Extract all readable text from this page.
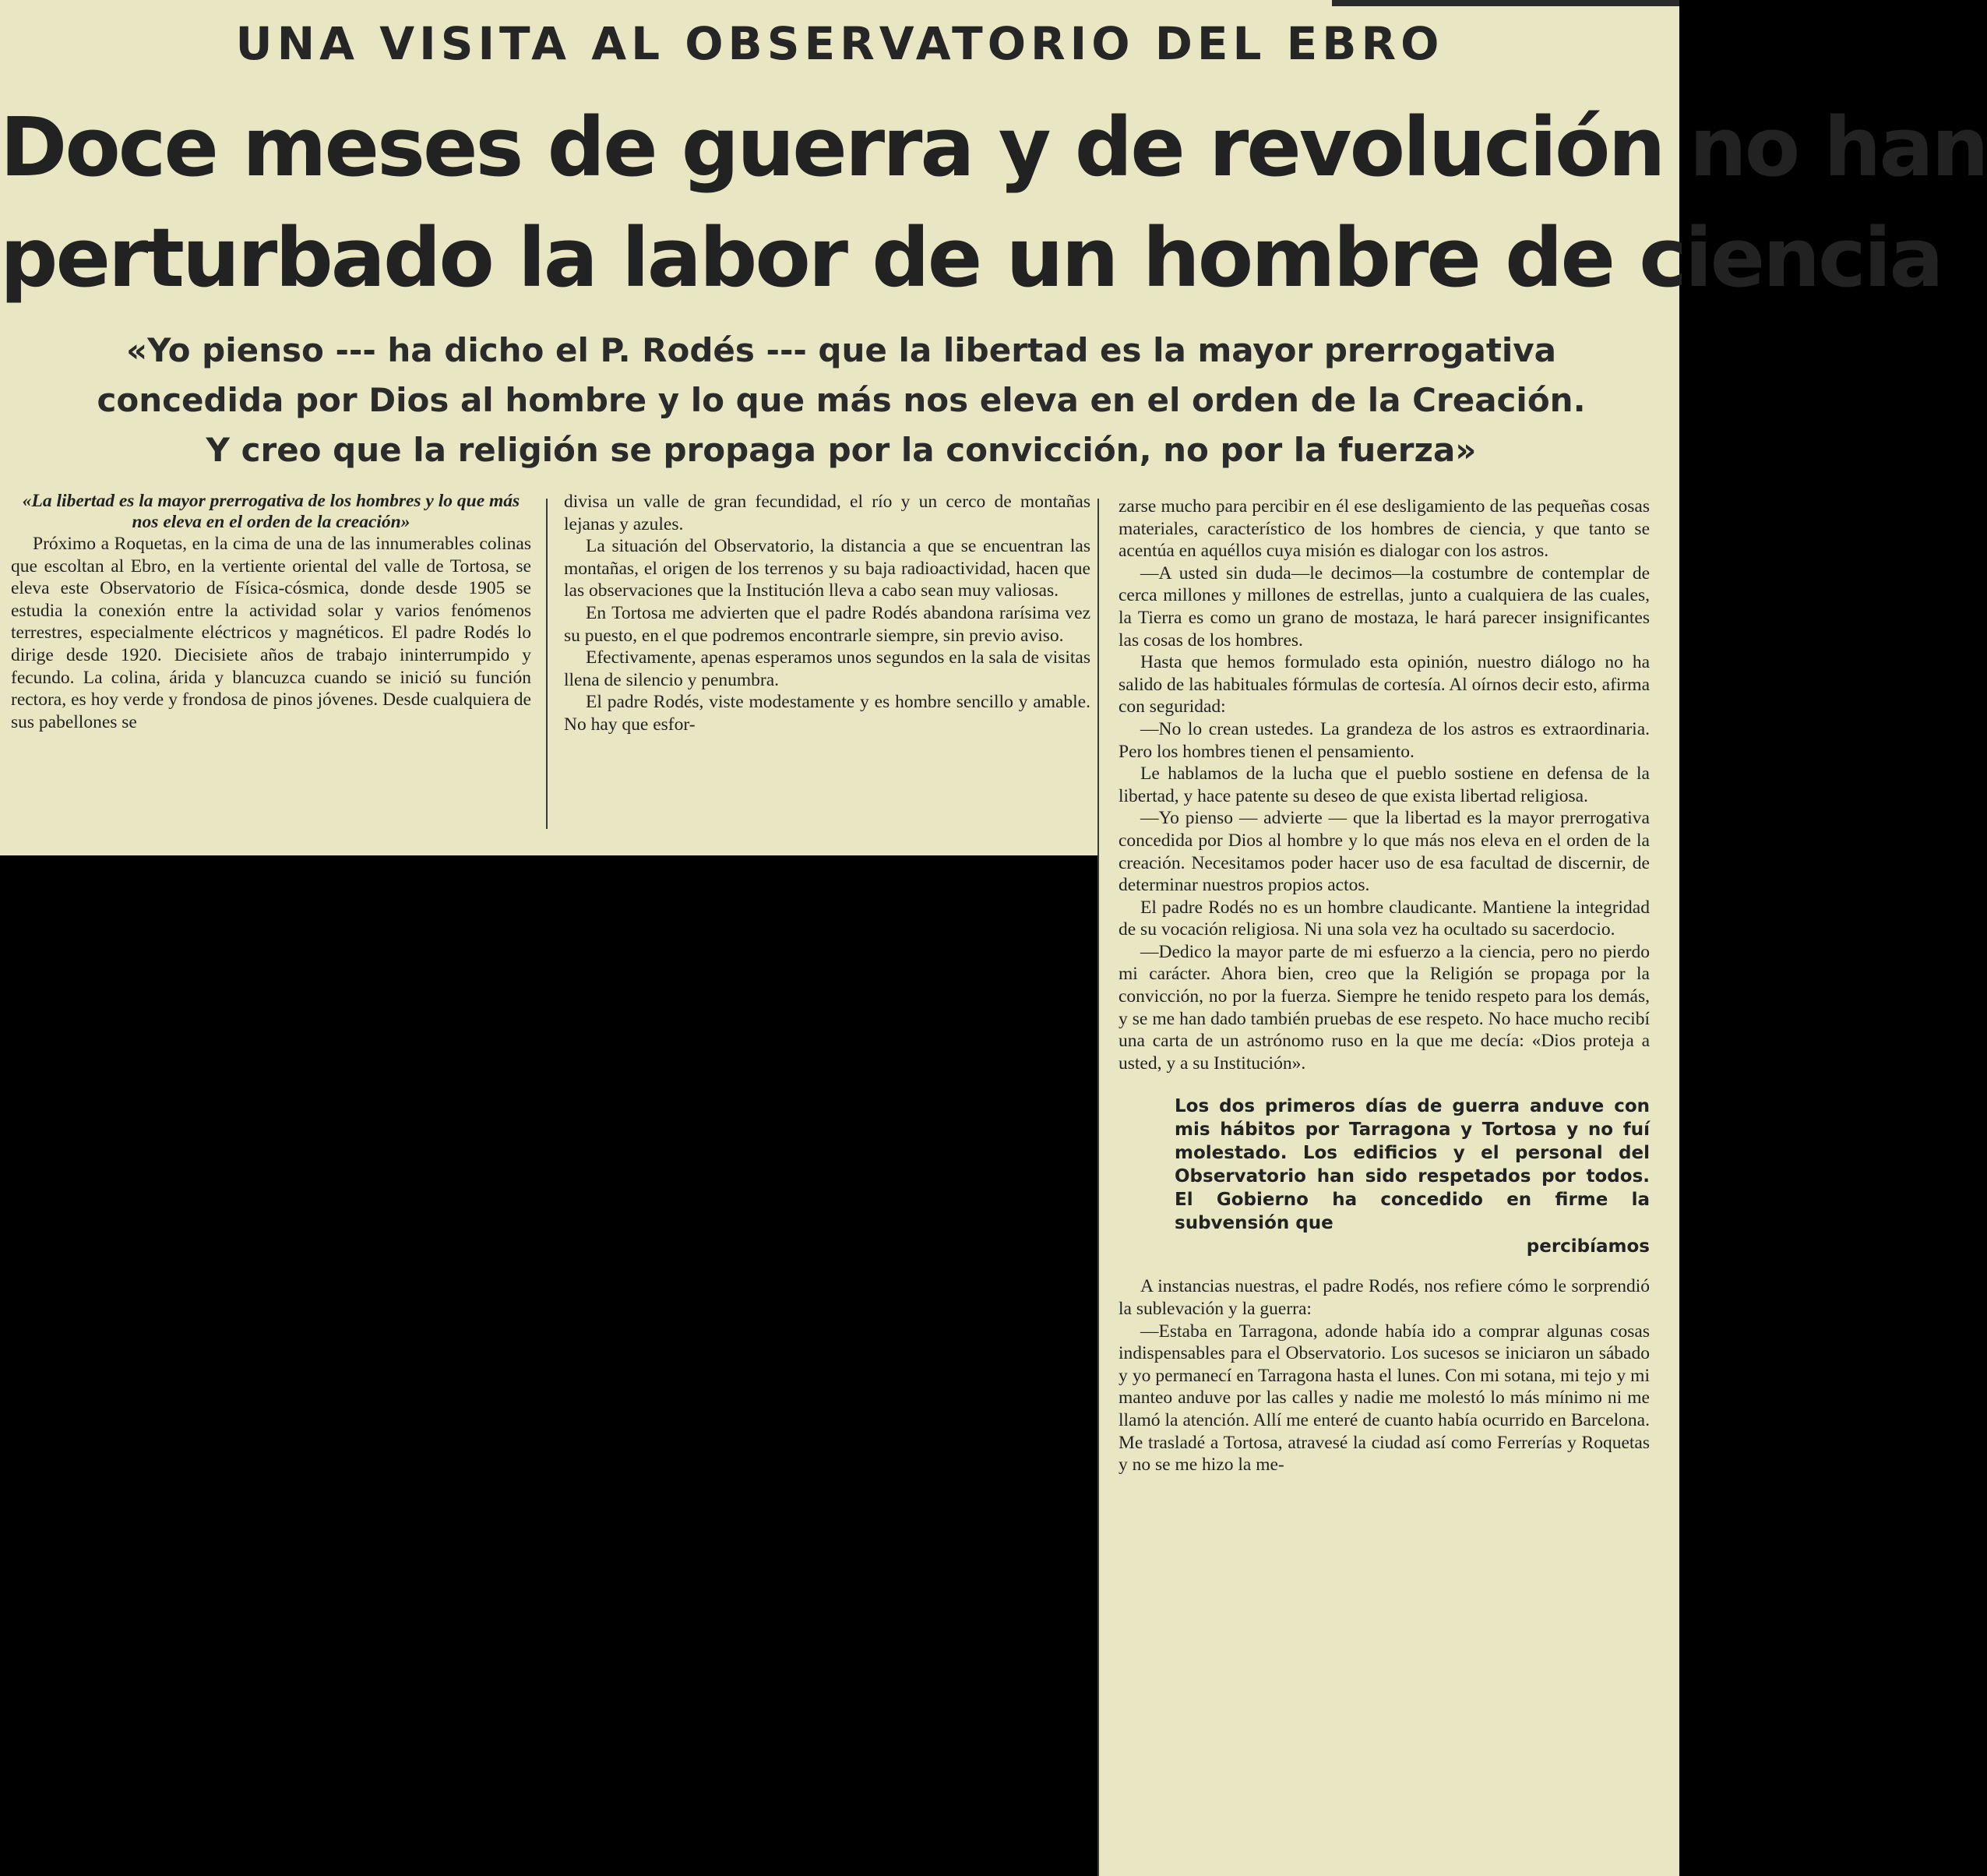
UNA VISITA AL OBSERVATORIO DEL EBRO
Doce meses de guerra y de revolución no han
perturbado la labor de un hombre de ciencia
«Yo pienso --- ha dicho el P. Rodés --- que la libertad es la mayor prerrogativa
concedida por Dios al hombre y lo que más nos eleva en el orden de la Creación.
Y creo que la religión se propaga por la convicción, no por la fuerza»

«La libertad es la mayor prerrogativa de los hombres y lo que más nos eleva en el orden de la creación»

Próximo a Roquetas, en la cima de una de las innumerables colinas que escoltan al Ebro, en la vertiente oriental del valle de Tortosa, se eleva este Observatorio de Física-cósmica, donde desde 1905 se estudia la conexión entre la actividad solar y varios fenómenos terrestres, especialmente eléctricos y magnéticos. El padre Rodés lo dirige desde 1920. Diecisiete años de trabajo ininterrumpido y fecundo. La colina, árida y blancuzca cuando se inició su función rectora, es hoy verde y frondosa de pinos jóvenes. Desde cualquiera de sus pabellones se

divisa un valle de gran fecundidad, el río y un cerco de montañas lejanas y azules.

La situación del Observatorio, la distancia a que se encuentran las montañas, el origen de los terrenos y su baja radioactividad, hacen que las observaciones que la Institución lleva a cabo sean muy valiosas.

En Tortosa me advierten que el padre Rodés abandona rarísima vez su puesto, en el que podremos encontrarle siempre, sin previo aviso.

Efectivamente, apenas esperamos unos segundos en la sala de visitas llena de silencio y penumbra.

El padre Rodés, viste modestamente y es hombre sencillo y amable. No hay que esfor-

zarse mucho para percibir en él ese desligamiento de las pequeñas cosas materiales, característico de los hombres de ciencia, y que tanto se acentúa en aquéllos cuya misión es dialogar con los astros.

—A usted sin duda—le decimos—la costumbre de contemplar de cerca millones y millones de estrellas, junto a cualquiera de las cuales, la Tierra es como un grano de mostaza, le hará parecer insignificantes las cosas de los hombres.

Hasta que hemos formulado esta opinión, nuestro diálogo no ha salido de las habituales fórmulas de cortesía. Al oírnos decir esto, afirma con seguridad:

—No lo crean ustedes. La grandeza de los astros es extraordinaria. Pero los hombres tienen el pensamiento.

Le hablamos de la lucha que el pueblo sostiene en defensa de la libertad, y hace patente su deseo de que exista libertad religiosa.

—Yo pienso — advierte — que la libertad es la mayor prerrogativa concedida por Dios al hombre y lo que más nos eleva en el orden de la creación. Necesitamos poder hacer uso de esa facultad de discernir, de determinar nuestros propios actos.

El padre Rodés no es un hombre claudicante. Mantiene la integridad de su vocación religiosa. Ni una sola vez ha ocultado su sacerdocio.

—Dedico la mayor parte de mi esfuerzo a la ciencia, pero no pierdo mi carácter. Ahora bien, creo que la Religión se propaga por la convicción, no por la fuerza. Siempre he tenido respeto para los demás, y se me han dado también pruebas de ese respeto. No hace mucho recibí una carta de un astrónomo ruso en la que me decía: «Dios proteja a usted, y a su Institución».

Los dos primeros días de guerra anduve con mis hábitos por Tarragona y Tortosa y no fuí molestado. Los edificios y el personal del Observatorio han sido respetados por todos. El Gobierno ha concedido en firme la subvensión que
percibíamos

A instancias nuestras, el padre Rodés, nos refiere cómo le sorprendió la sublevación y la guerra:

—Estaba en Tarragona, adonde había ido a comprar algunas cosas indispensables para el Observatorio. Los sucesos se iniciaron un sábado y yo permanecí en Tarragona hasta el lunes. Con mi sotana, mi tejo y mi manteo anduve por las calles y nadie me molestó lo más mínimo ni me llamó la atención. Allí me enteré de cuanto había ocurrido en Barcelona. Me trasladé a Tortosa, atravesé la ciudad así como Ferrerías y Roquetas y no se me hizo la me-
